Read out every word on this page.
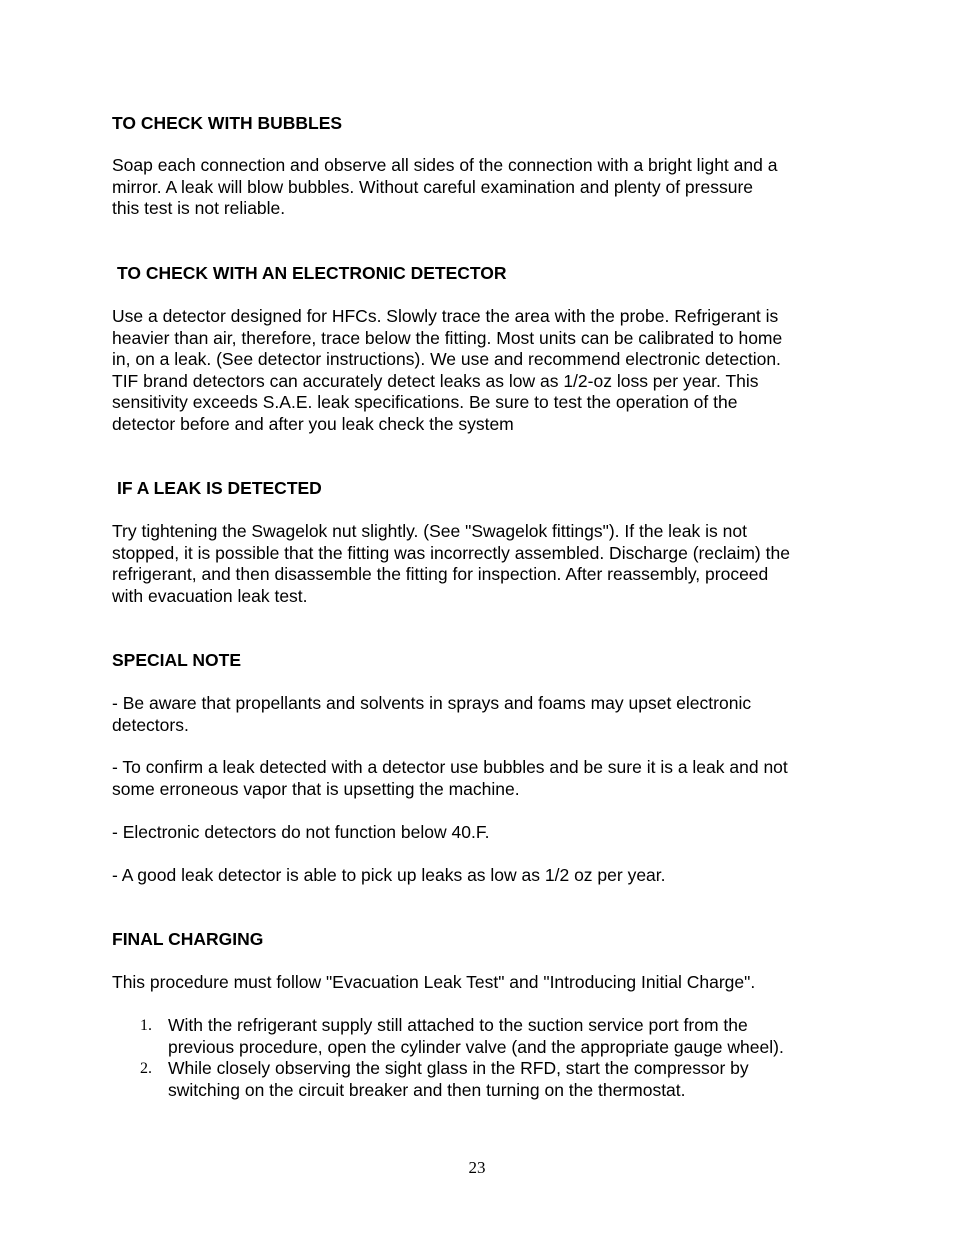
TO CHECK WITH BUBBLES
Soap each connection and observe all sides of the connection with a bright light and a
mirror. A leak will blow bubbles. Without careful examination and plenty of pressure
this test is not reliable.
TO CHECK WITH AN ELECTRONIC DETECTOR
Use a detector designed for HFCs. Slowly trace the area with the probe. Refrigerant is
heavier than air, therefore, trace below the fitting. Most units can be calibrated to home
in, on a leak. (See detector instructions). We use and recommend electronic detection.
TIF brand detectors can accurately detect leaks as low as 1/2-oz loss per year. This
sensitivity exceeds S.A.E. leak specifications. Be sure to test the operation of the
detector before and after you leak check the system
IF A LEAK IS DETECTED
Try tightening the Swagelok nut slightly. (See "Swagelok fittings"). If the leak is not
stopped, it is possible that the fitting was incorrectly assembled. Discharge (reclaim) the
refrigerant, and then disassemble the fitting for inspection. After reassembly, proceed
with evacuation leak test.
SPECIAL NOTE
- Be aware that propellants and solvents in sprays and foams may upset electronic
detectors.
- To confirm a leak detected with a detector use bubbles and be sure it is a leak and not
some erroneous vapor that is upsetting the machine.
- Electronic detectors do not function below 40.F.
- A good leak detector is able to pick up leaks as low as 1/2 oz per year.
FINAL CHARGING
This procedure must follow "Evacuation Leak Test" and "Introducing Initial Charge".
1. With the refrigerant supply still attached to the suction service port from the
previous procedure, open the cylinder valve (and the appropriate gauge wheel).
2. While closely observing the sight glass in the RFD, start the compressor by
switching on the circuit breaker and then turning on the thermostat.
23
